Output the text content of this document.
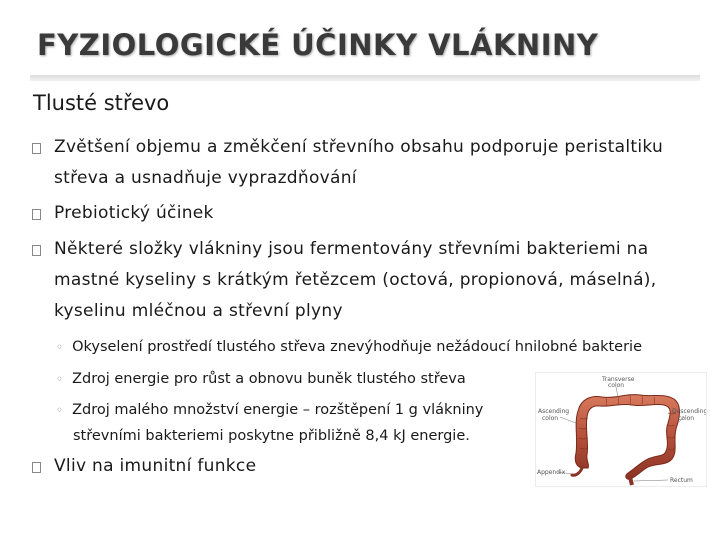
FYZIOLOGICKÉ ÚČINKY VLÁKNINY
Tlusté střevo
Zvětšení objemu a změkčení střevního obsahu podporuje peristaltiku
střeva a usnadňuje vyprazdňování
Prebiotický účinek
Některé složky vlákniny jsou fermentovány střevními bakteriemi na
mastné kyseliny s krátkým řetězcem (octová, propionová, máselná),
kyselinu mléčnou a střevní plyny
◦ Okyselení prostředí tlustého střeva znevýhodňuje nežádoucí hnilobné bakterie
◦ Zdroj energie pro růst a obnovu buněk tlustého střeva
◦ Zdroj malého množství energie – rozštěpení 1 g vlákniny
střevními bakteriemi poskytne přibližně 8,4 kJ energie.
Vliv na imunitní funkce
Transverse
colon
Ascending
colon
Descending
colon
Appendix
Rectum
